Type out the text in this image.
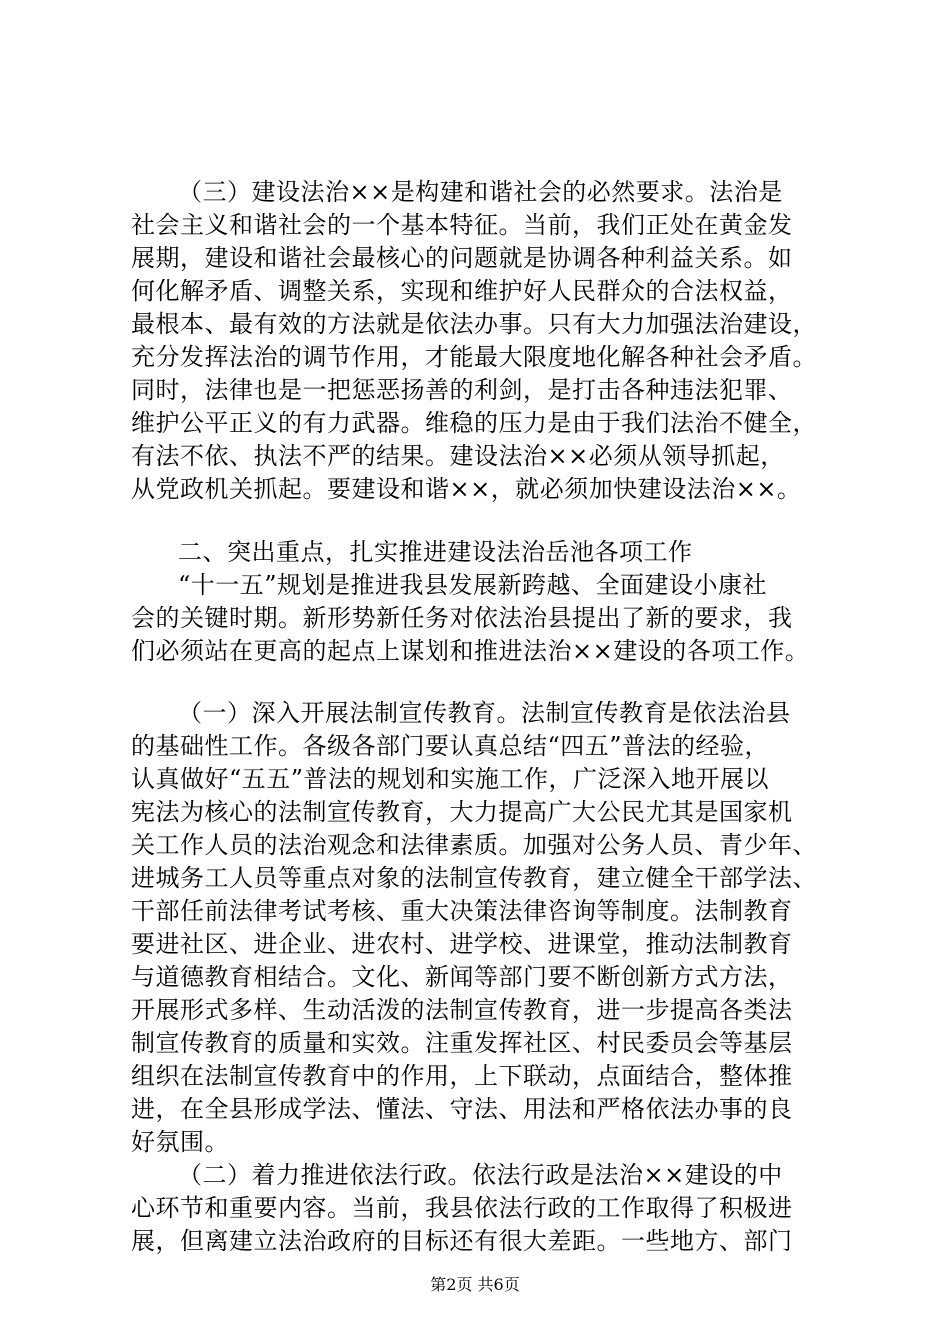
（三）建设法治××是构建和谐社会的必然要求。法治是
社会主义和谐社会的一个基本特征。当前，我们正处在黄金发
展期，建设和谐社会最核心的问题就是协调各种利益关系。如
何化解矛盾、调整关系，实现和维护好人民群众的合法权益，
最根本、最有效的方法就是依法办事。只有大力加强法治建设，
充分发挥法治的调节作用，才能最大限度地化解各种社会矛盾。
同时，法律也是一把惩恶扬善的利剑，是打击各种违法犯罪、
维护公平正义的有力武器。维稳的压力是由于我们法治不健全，
有法不依、执法不严的结果。建设法治××必须从领导抓起，
从党政机关抓起。要建设和谐××，就必须加快建设法治××。
二、突出重点，扎实推进建设法治岳池各项工作
“十一五”规划是推进我县发展新跨越、全面建设小康社
会的关键时期。新形势新任务对依法治县提出了新的要求，我
们必须站在更高的起点上谋划和推进法治××建设的各项工作。
（一）深入开展法制宣传教育。法制宣传教育是依法治县
的基础性工作。各级各部门要认真总结“四五”普法的经验，
认真做好“五五”普法的规划和实施工作，广泛深入地开展以
宪法为核心的法制宣传教育，大力提高广大公民尤其是国家机
关工作人员的法治观念和法律素质。加强对公务人员、青少年、
进城务工人员等重点对象的法制宣传教育，建立健全干部学法、
干部任前法律考试考核、重大决策法律咨询等制度。法制教育
要进社区、进企业、进农村、进学校、进课堂，推动法制教育
与道德教育相结合。文化、新闻等部门要不断创新方式方法，
开展形式多样、生动活泼的法制宣传教育，进一步提高各类法
制宣传教育的质量和实效。注重发挥社区、村民委员会等基层
组织在法制宣传教育中的作用，上下联动，点面结合，整体推
进，在全县形成学法、懂法、守法、用法和严格依法办事的良
好氛围。
（二）着力推进依法行政。依法行政是法治××建设的中
心环节和重要内容。当前，我县依法行政的工作取得了积极进
展，但离建立法治政府的目标还有很大差距。一些地方、部门
第2页 共6页
